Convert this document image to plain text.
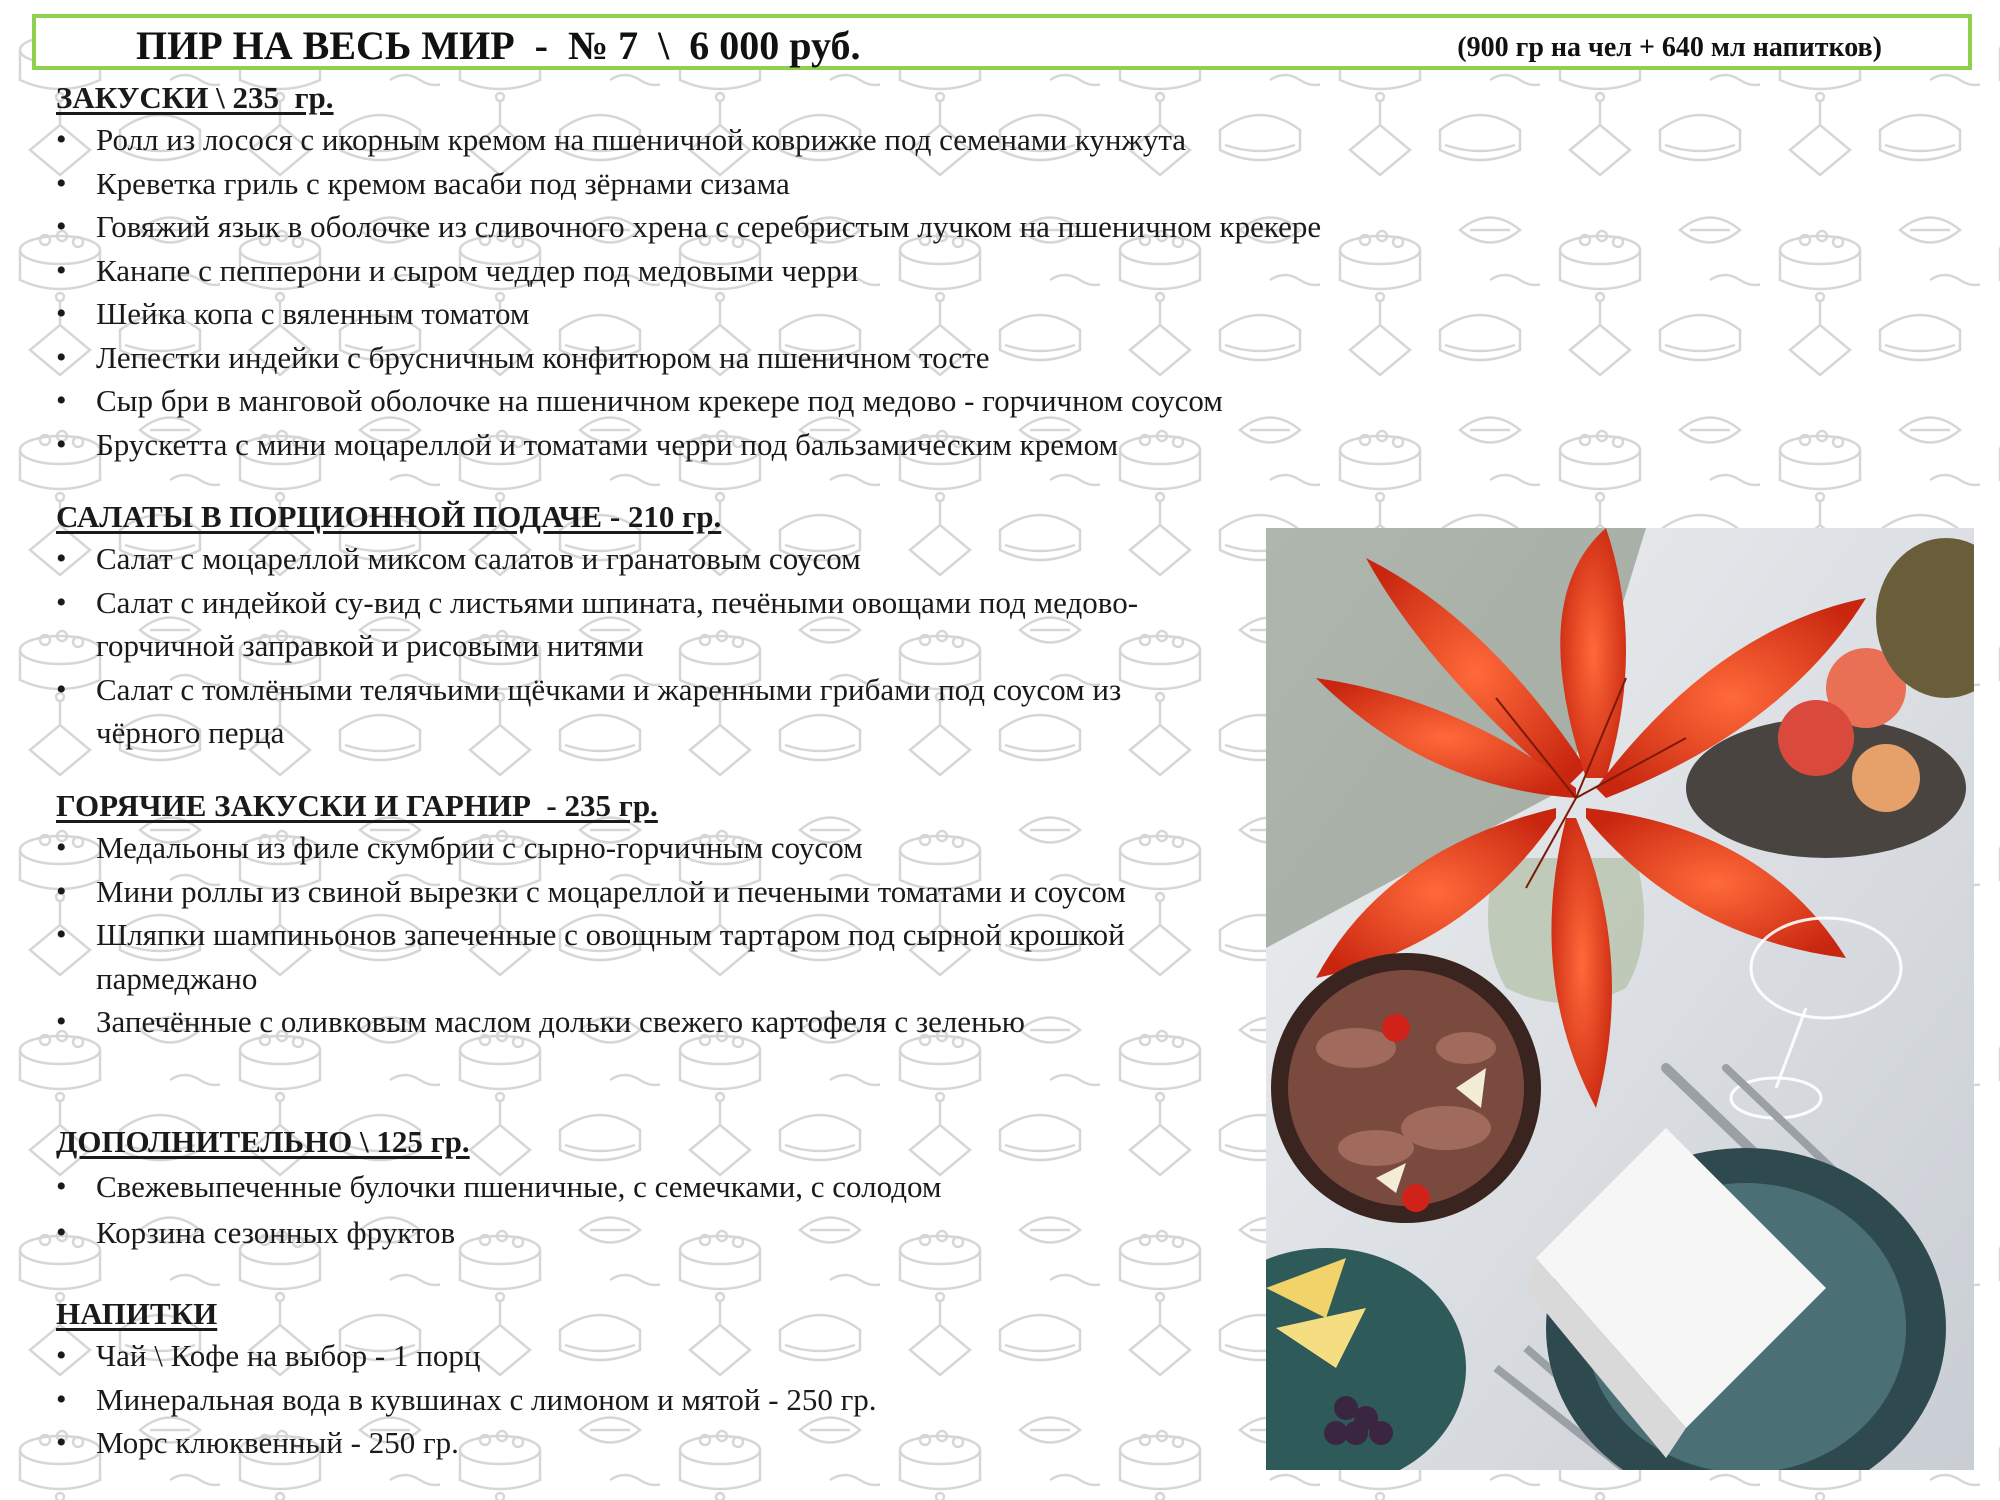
ПИР НА ВЕСЬ МИР  -  № 7  \  6 000 руб.	(900 гр на чел + 640 мл напитков)
ЗАКУСКИ \ 235  гр.
• Ролл из лосося с икорным кремом на пшеничной коврижке под семенами кунжута
• Креветка гриль с кремом васаби под зёрнами сизама
• Говяжий язык в оболочке из сливочного хрена с серебристым лучком на пшеничном крекере
• Канапе с пепперони и сыром чеддер под медовыми черри
• Шейка копа с вяленным томатом
• Лепестки индейки с брусничным конфитюром на пшеничном тосте
• Сыр бри в манговой оболочке на пшеничном крекере под медово - горчичном соусом
• Брускетта с мини моцареллой и томатами черри под бальзамическим кремом
САЛАТЫ В ПОРЦИОННОЙ ПОДАЧЕ - 210 гр.
• Салат с моцареллой миксом салатов и гранатовым соусом
• Салат с индейкой су-вид с листьями шпината, печёными овощами под медово-горчичной заправкой и рисовыми нитями
• Салат с томлёными телячьими щёчками и жаренными грибами под соусом из чёрного перца
ГОРЯЧИЕ ЗАКУСКИ И ГАРНИР  - 235 гр.
• Медальоны из филе скумбрии с сырно-горчичным соусом
• Мини роллы из свиной вырезки с моцареллой и печеными томатами и соусом
• Шляпки шампиньонов запеченные с овощным тартаром под сырной крошкой пармеджано
• Запечённые с оливковым маслом дольки свежего картофеля с зеленью
ДОПОЛНИТЕЛЬНО \ 125 гр.
• Свежевыпеченные булочки пшеничные, с семечками, с солодом
• Корзина сезонных фруктов
НАПИТКИ
• Чай \ Кофе на выбор - 1 порц
• Минеральная вода в кувшинах с лимоном и мятой - 250 гр.
• Морс клюквенный - 250 гр.
